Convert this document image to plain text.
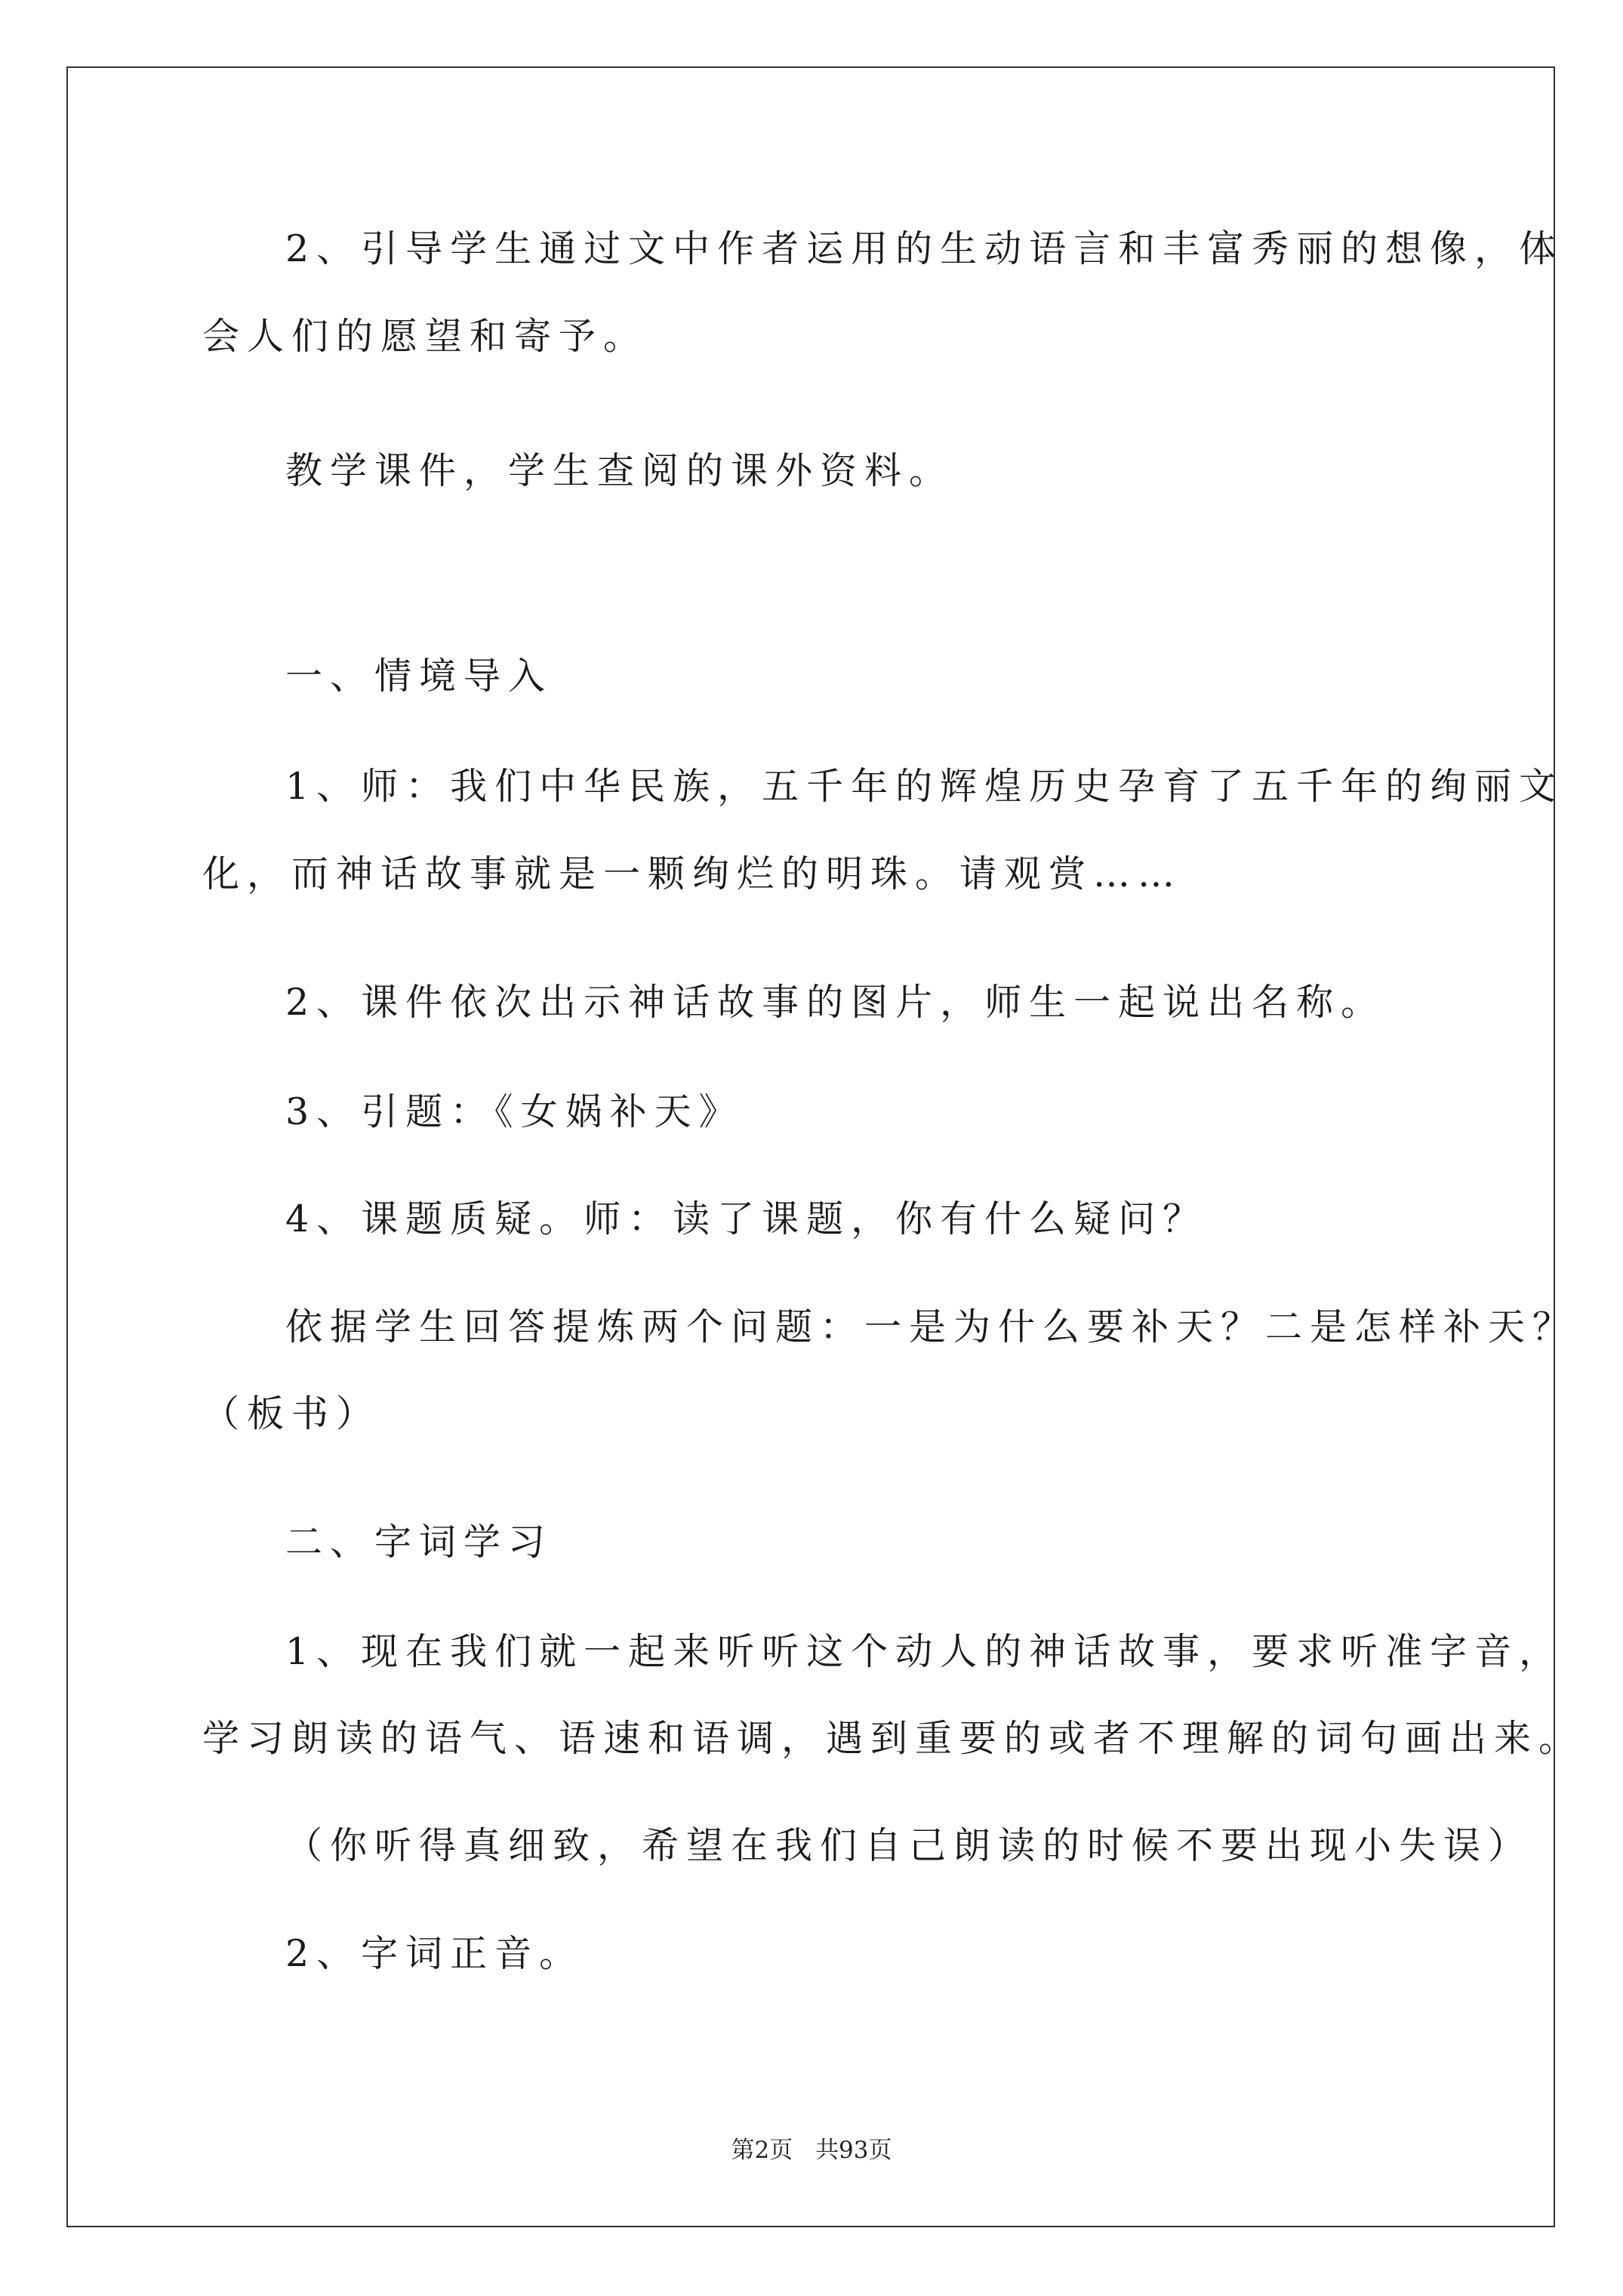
2、引导学生通过文中作者运用的生动语言和丰富秀丽的想像，体
会人们的愿望和寄予。
教学课件，学生查阅的课外资料。
一、情境导入
1、师：我们中华民族，五千年的辉煌历史孕育了五千年的绚丽文
化，而神话故事就是一颗绚烂的明珠。请观赏……
2、课件依次出示神话故事的图片，师生一起说出名称。
3、引题：《女娲补天》
4、课题质疑。师：读了课题，你有什么疑问？
依据学生回答提炼两个问题：一是为什么要补天？二是怎样补天？
（板书）
二、字词学习
1、现在我们就一起来听听这个动人的神话故事，要求听准字音，
学习朗读的语气、语速和语调，遇到重要的或者不理解的词句画出来。
（你听得真细致，希望在我们自己朗读的时候不要出现小失误）
2、字词正音。
第2页 共93页
